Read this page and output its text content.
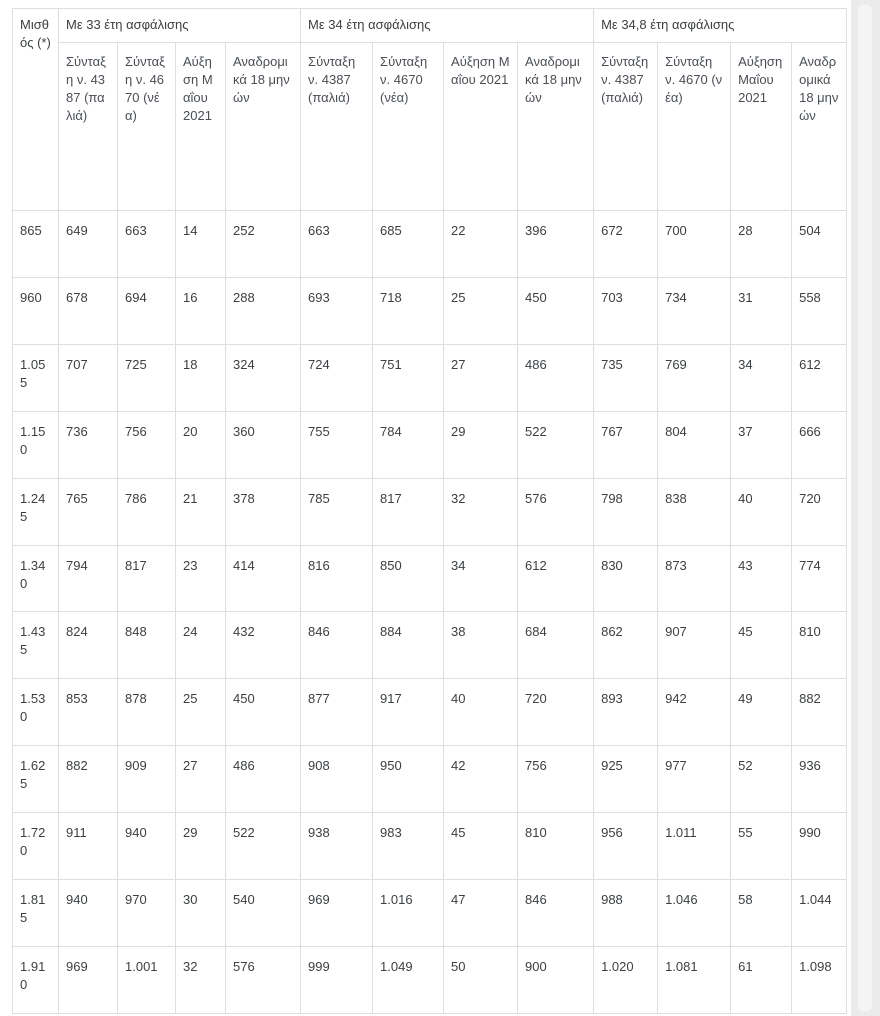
Μισθός (*)	Με 33 έτη ασφάλισης				Με 34 έτη ασφάλισης				Με 34,8 έτη ασφάλισης			
	Σύνταξη ν. 4387 (παλιά)	Σύνταξη ν. 4670 (νέα)	Αύξηση Μαΐου 2021	Αναδρομικά 18 μηνών	Σύνταξη ν. 4387 (παλιά)	Σύνταξη ν. 4670 (νέα)	Αύξηση Μαΐου 2021	Αναδρομικά 18 μηνών	Σύνταξη ν. 4387 (παλιά)	Σύνταξη ν. 4670 (νέα)	Αύξηση Μαΐου 2021	Αναδρομικά 18 μηνών
865	649	663	14	252	663	685	22	396	672	700	28	504
960	678	694	16	288	693	718	25	450	703	734	31	558
1.055	707	725	18	324	724	751	27	486	735	769	34	612
1.150	736	756	20	360	755	784	29	522	767	804	37	666
1.245	765	786	21	378	785	817	32	576	798	838	40	720
1.340	794	817	23	414	816	850	34	612	830	873	43	774
1.435	824	848	24	432	846	884	38	684	862	907	45	810
1.530	853	878	25	450	877	917	40	720	893	942	49	882
1.625	882	909	27	486	908	950	42	756	925	977	52	936
1.720	911	940	29	522	938	983	45	810	956	1.011	55	990
1.815	940	970	30	540	969	1.016	47	846	988	1.046	58	1.044
1.910	969	1.001	32	576	999	1.049	50	900	1.020	1.081	61	1.098
